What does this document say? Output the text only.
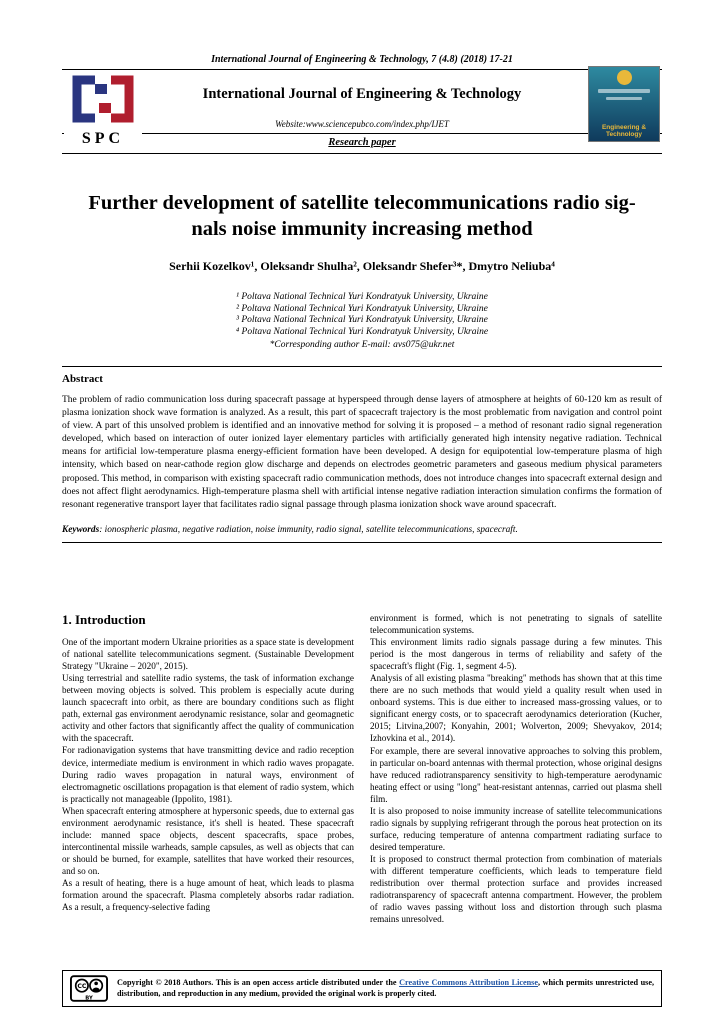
International Journal of Engineering & Technology, 7 (4.8) (2018) 17-21
SPC
Engineering & Technology
International Journal of Engineering & Technology
Website:www.sciencepubco.com/index.php/IJET
Research paper
Further development of satellite telecommunications radio sig-
nals noise immunity increasing method
Serhii Kozelkov¹, Oleksandr Shulha², Oleksandr Shefer³*, Dmytro Neliuba⁴
¹ Poltava National Technical Yuri Kondratyuk University, Ukraine
² Poltava National Technical Yuri Kondratyuk University, Ukraine
³ Poltava National Technical Yuri Kondratyuk University, Ukraine
⁴ Poltava National Technical Yuri Kondratyuk University, Ukraine
*Corresponding author E-mail: avs075@ukr.net
Abstract

The problem of radio communication loss during spacecraft passage at hyperspeed through dense layers of atmosphere at heights of 60-120 km as result of plasma ionization shock wave formation is analyzed. As a result, this part of spacecraft trajectory is the most problematic from navigation and control point of view. A part of this unsolved problem is identified and an innovative method for solving it is proposed – a method of resonant radio signal regeneration developed, which based on interaction of outer ionized layer elementary particles with artificially generated high intensity negative radiation. Technical means for artificial low-temperature plasma energy-efficient formation have been developed. A design for equipotential low-temperature plasma of high intensity, which based on near-cathode region glow discharge and depends on electrodes geometric parameters and gaseous medium physical parameters proposed. This method, in comparison with existing spacecraft radio communication methods, does not introduce changes into spacecraft external design and does not affect flight aerodynamics. High-temperature plasma shell with artificial intense negative radiation interaction simulation confirms the formation of resonant regenerative transport layer that facilitates radio signal passage through plasma ionization shock wave around spacecraft.

Keywords: ionospheric plasma, negative radiation, noise immunity, radio signal, satellite telecommunications, spacecraft.

1. Introduction

One of the important modern Ukraine priorities as a space state is development of national satellite telecommunications segment. (Sustainable Development Strategy "Ukraine – 2020", 2015).

Using terrestrial and satellite radio systems, the task of information exchange between moving objects is solved. This problem is especially acute during launch spacecraft into orbit, as there are boundary conditions such as flight path, external gas environment aerodynamic resistance, solar and geomagnetic activity and other factors that significantly affect the quality of communication with the spacecraft.

For radionavigation systems that have transmitting device and radio reception device, intermediate medium is environment in which radio waves propagate. During radio waves propagation in natural ways, environment of electromagnetic oscillations propagation is that element of radio system, which is practically not manageable (Ippolito, 1981).

When spacecraft entering atmosphere at hypersonic speeds, due to external gas environment aerodynamic resistance, it's shell is heated. These spacecraft include: manned space objects, descent spacecrafts, space probes, intercontinental missile warheads, sample capsules, as well as objects that can or should be burned, for example, satellites that have worked their resources, and so on.

As a result of heating, there is a huge amount of heat, which leads to plasma formation around the spacecraft. Plasma completely absorbs radar radiation. As a result, a frequency-selective fading

environment is formed, which is not penetrating to signals of satellite telecommunication systems.

This environment limits radio signals passage during a few minutes. This period is the most dangerous in terms of reliability and safety of the spacecraft's flight (Fig. 1, segment 4-5).

Analysis of all existing plasma "breaking" methods has shown that at this time there are no such methods that would yield a quality result when used in onboard systems. This is due either to increased mass-grossing values, or to significant energy costs, or to spacecraft aerodynamics deterioration (Kucher, 2015; Litvina,2007; Konyahin, 2001; Wolverton, 2009; Shevyakov, 2014; Izhovkina et al., 2014).

For example, there are several innovative approaches to solving this problem, in particular on-board antennas with thermal protection, whose original designs have reduced radiotransparency sensitivity to high-temperature aerodynamic heating effect or using "long" heat-resistant antennas, carried out plasma shell film.

It is also proposed to noise immunity increase of satellite telecommunications radio signals by supplying refrigerant through the porous heat protection on its surface, reducing temperature of antenna compartment radiating surface to desired temperature.

It is proposed to construct thermal protection from combination of materials with different temperature coefficients, which leads to temperature field redistribution over thermal protection surface and provides increased radiotransparency of spacecraft antenna compartment. However, the problem of radio waves passing without loss and distortion through such plasma remains unresolved.

CC
BY

Copyright © 2018 Authors. This is an open access article distributed under the Creative Commons Attribution License, which permits unrestricted use, distribution, and reproduction in any medium, provided the original work is properly cited.
